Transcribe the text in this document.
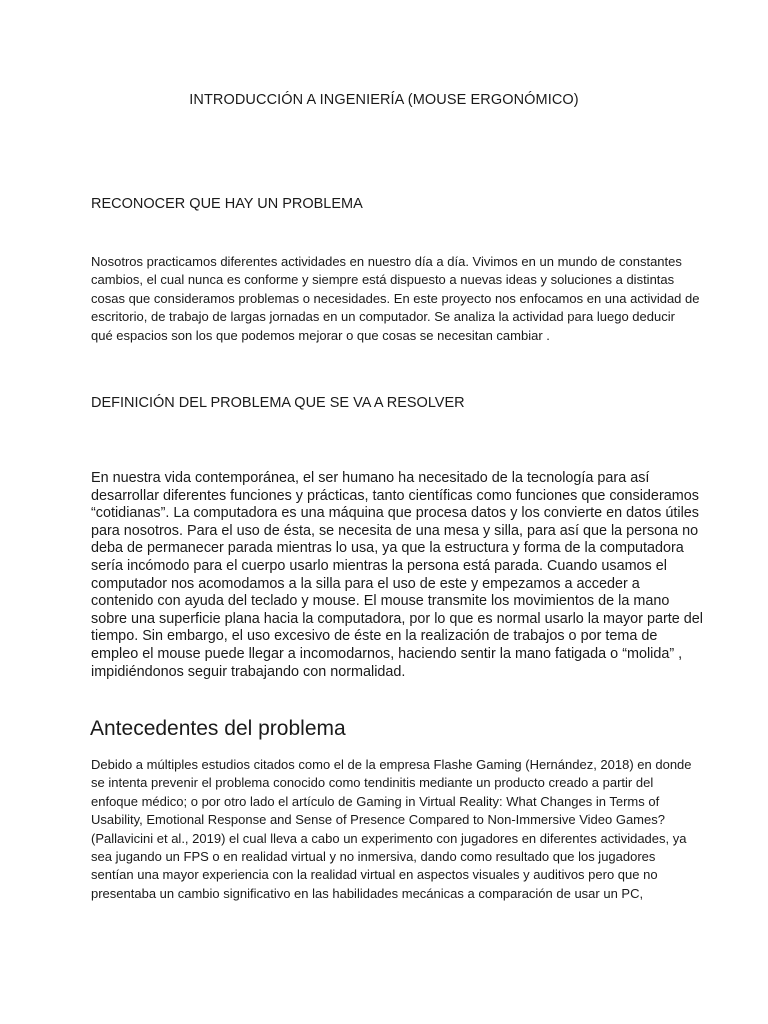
INTRODUCCIÓN A INGENIERÍA (MOUSE ERGONÓMICO)
RECONOCER QUE HAY UN PROBLEMA
Nosotros practicamos diferentes actividades en nuestro día a día. Vivimos en un mundo de constantes
cambios, el cual nunca es conforme y siempre está dispuesto a nuevas ideas y soluciones a distintas
cosas que consideramos problemas o necesidades. En este proyecto nos enfocamos en una actividad de
escritorio, de trabajo de largas jornadas en un computador. Se analiza la actividad para luego deducir
qué espacios son los que podemos mejorar o que cosas se necesitan cambiar .
DEFINICIÓN DEL PROBLEMA QUE SE VA A RESOLVER
En nuestra vida contemporánea, el ser humano ha necesitado de la tecnología para así
desarrollar diferentes funciones y prácticas, tanto científicas como funciones que consideramos
“cotidianas”. La computadora es una máquina que procesa datos y los convierte en datos útiles
para nosotros. Para el uso de ésta, se necesita de una mesa y silla, para así que la persona no
deba de permanecer parada mientras lo usa, ya que la estructura y forma de la computadora
sería incómodo para el cuerpo usarlo mientras la persona está parada. Cuando usamos el
computador nos acomodamos a la silla para el uso de este y empezamos a acceder a
contenido con ayuda del teclado y mouse. El mouse transmite los movimientos de la mano
sobre una superficie plana hacia la computadora, por lo que es normal usarlo la mayor parte del
tiempo. Sin embargo, el uso excesivo de éste en la realización de trabajos o por tema de
empleo el mouse puede llegar a incomodarnos, haciendo sentir la mano fatigada o “molida” ,
impidiéndonos seguir trabajando con normalidad.
Antecedentes del problema
Debido a múltiples estudios citados como el de la empresa Flashe Gaming (Hernández, 2018) en donde
se intenta prevenir el problema conocido como tendinitis mediante un producto creado a partir del
enfoque médico; o por otro lado el artículo de Gaming in Virtual Reality: What Changes in Terms of
Usability, Emotional Response and Sense of Presence Compared to Non-Immersive Video Games?
(Pallavicini et al., 2019) el cual lleva a cabo un experimento con jugadores en diferentes actividades, ya
sea jugando un FPS o en realidad virtual y no inmersiva, dando como resultado que los jugadores
sentían una mayor experiencia con la realidad virtual en aspectos visuales y auditivos pero que no
presentaba un cambio significativo en las habilidades mecánicas a comparación de usar un PC,
